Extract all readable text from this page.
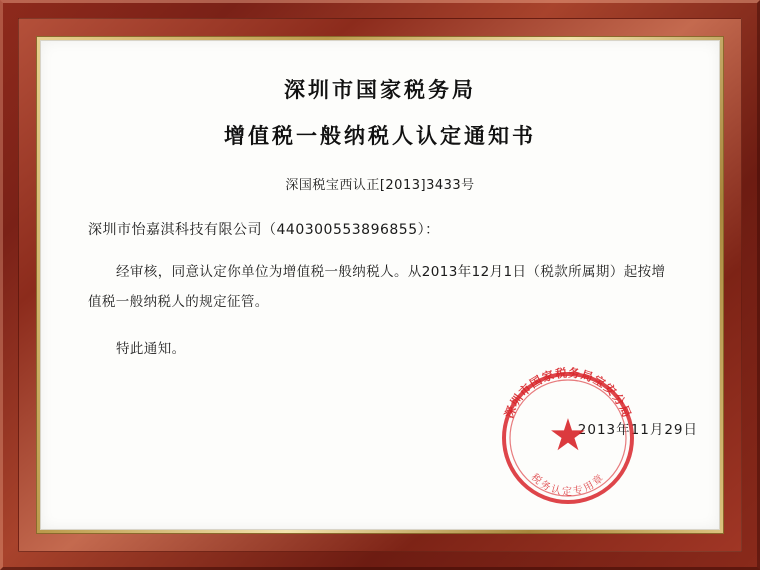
深圳市国家税务局
增值税一般纳税人认定通知书
深国税宝西认正[2013]3433号
深圳市怡嘉淇科技有限公司（440300553896855）：
经审核，同意认定你单位为增值税一般纳税人。从2013年12月1日（税款所属期）起按增值税一般纳税人的规定征管。
特此通知。
2013年11月29日
深圳市国家税务局宝安分局
★
税务认定专用章
